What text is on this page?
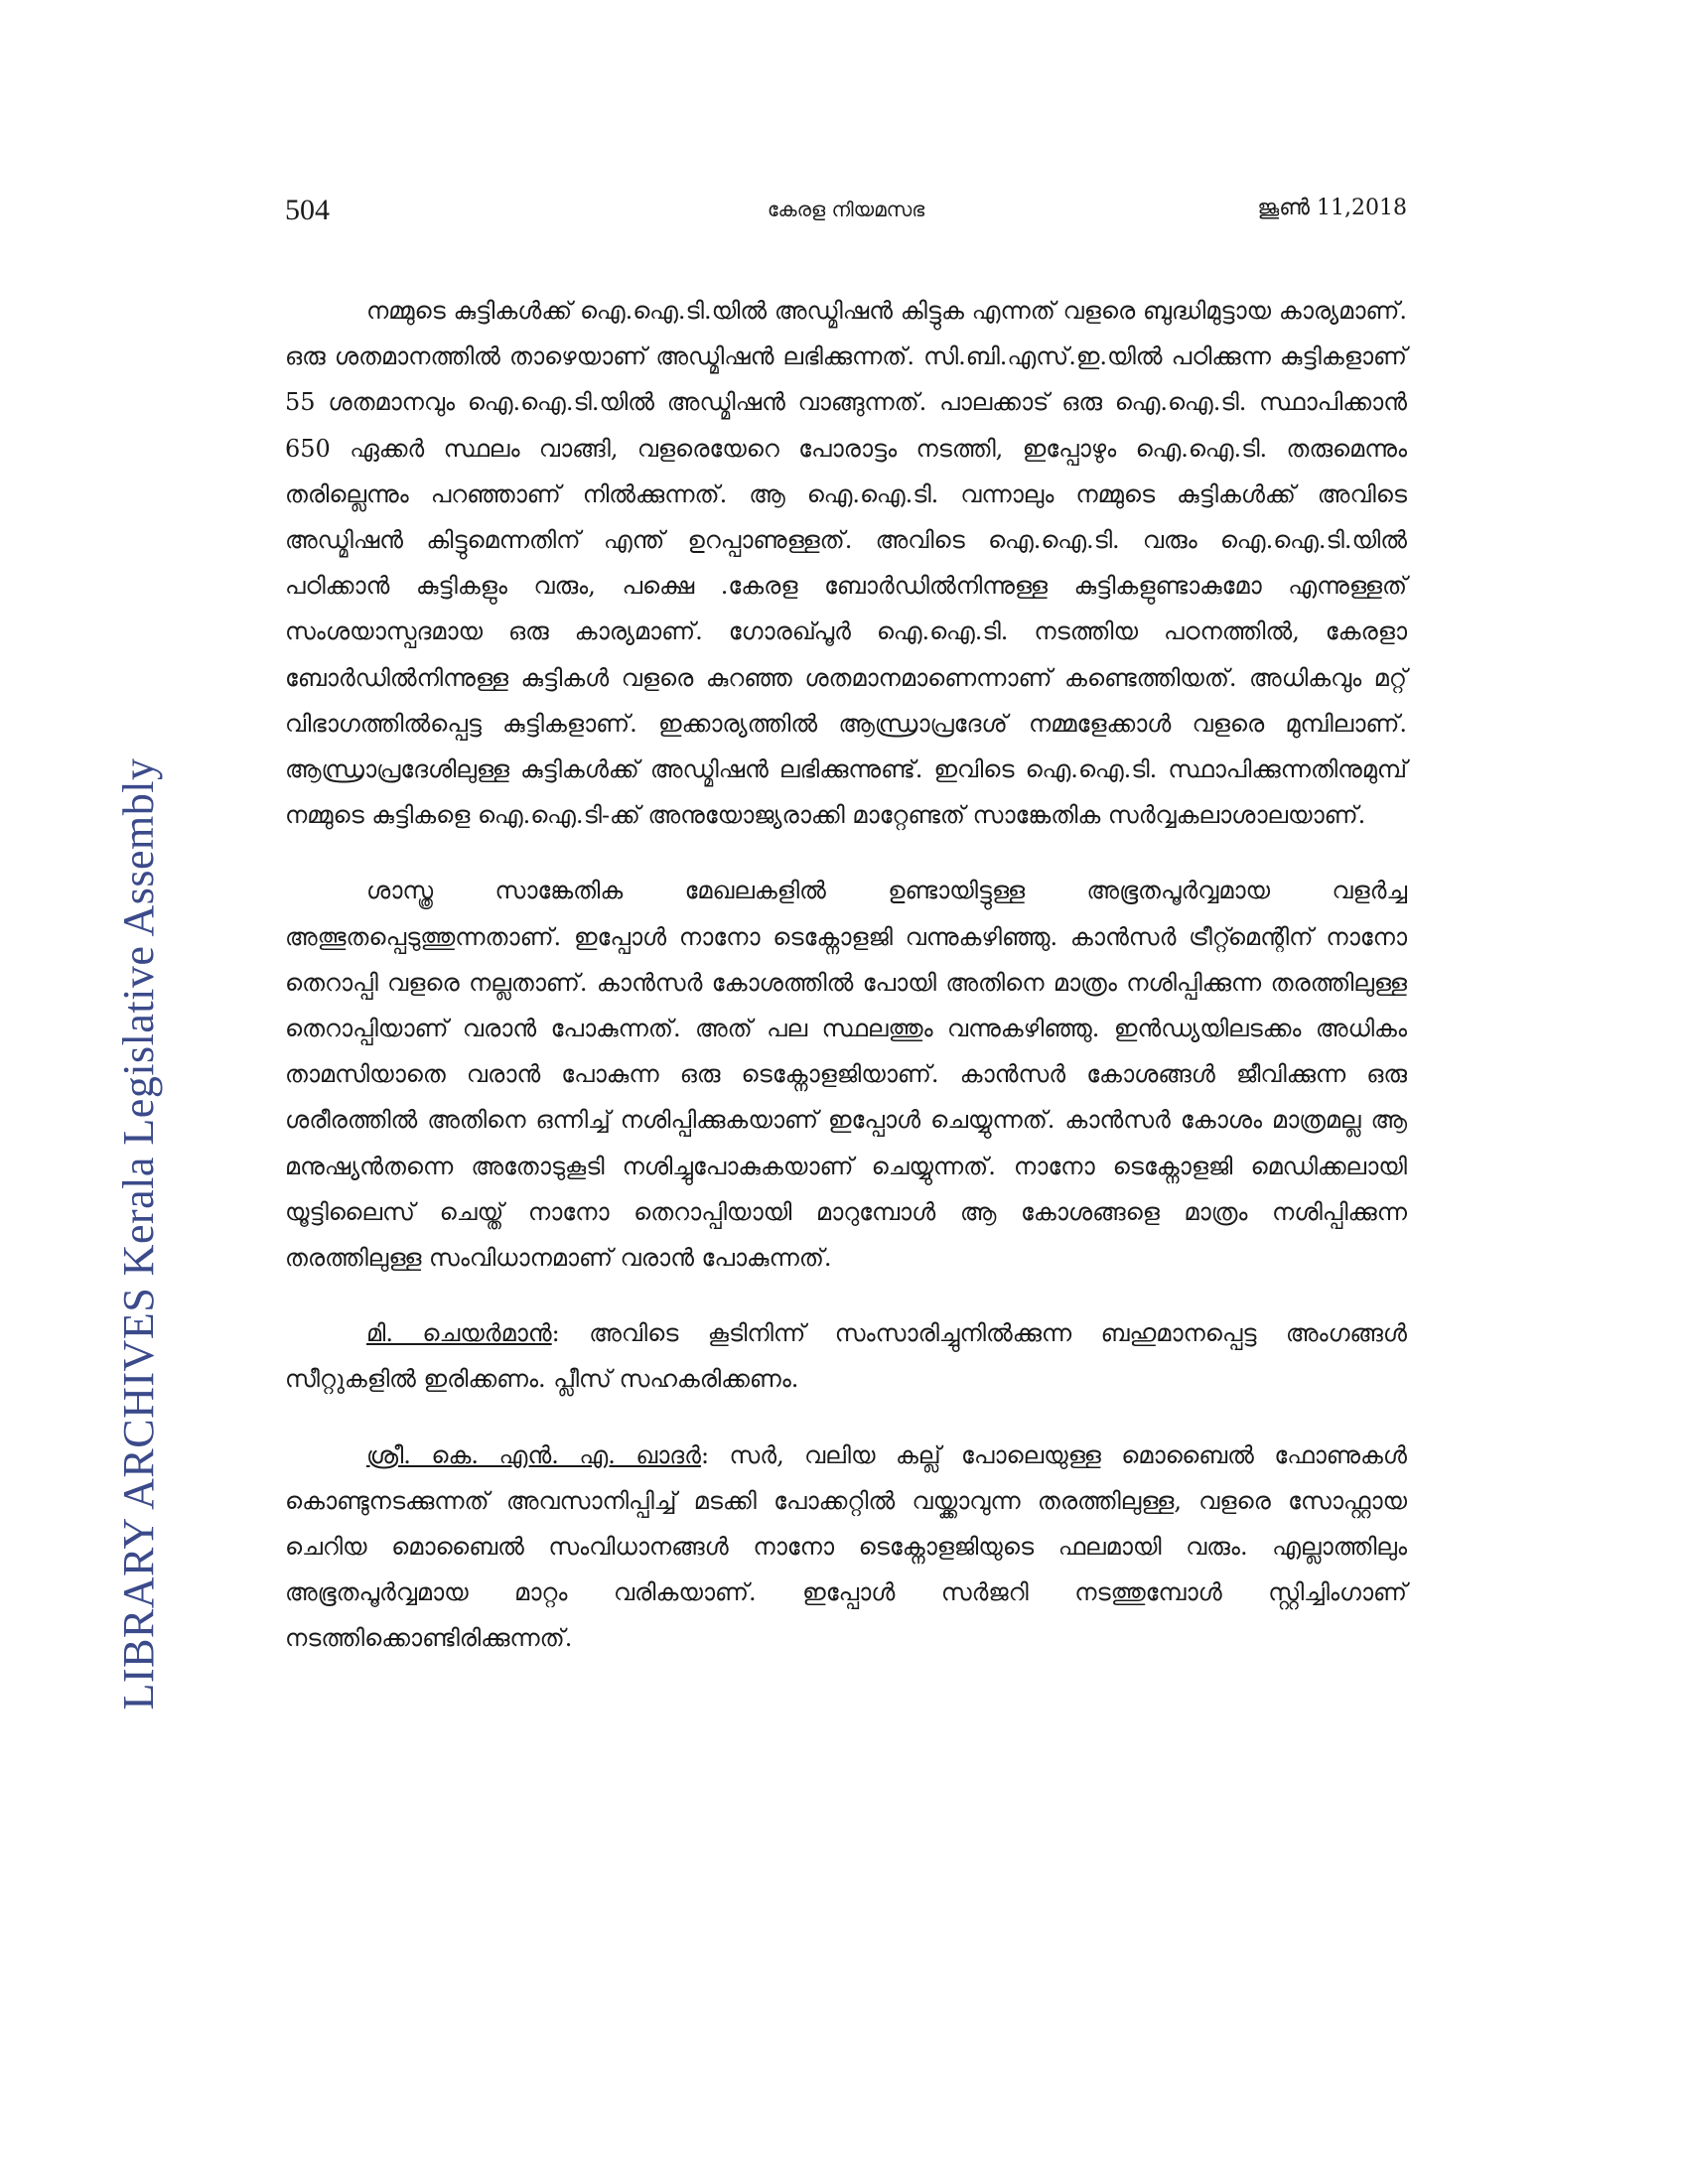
LIBRARY ARCHIVES Kerala Legislative Assembly
504	കേരള നിയമസഭ	ജൂൺ 11,2018

നമ്മുടെ കുട്ടികൾക്ക് ഐ.ഐ.ടി.യിൽ അഡ്മിഷൻ കിട്ടുക എന്നത് വളരെ ബുദ്ധിമുട്ടായ കാര്യമാണ്. ഒരു ശതമാനത്തിൽ താഴെയാണ് അഡ്മിഷൻ ലഭിക്കുന്നത്. സി.ബി.എസ്.ഇ.യിൽ പഠിക്കുന്ന കുട്ടികളാണ് 55 ശതമാനവും ഐ.ഐ.ടി.യിൽ അഡ്മിഷൻ വാങ്ങുന്നത്. പാലക്കാട് ഒരു ഐ.ഐ.ടി. സ്ഥാപിക്കാൻ 650 ഏക്കർ സ്ഥലം വാങ്ങി, വളരെയേറെ പോരാട്ടം നടത്തി, ഇപ്പോഴും ഐ.ഐ.ടി. തരുമെന്നും തരില്ലെന്നും പറഞ്ഞാണ് നിൽക്കുന്നത്. ആ ഐ.ഐ.ടി. വന്നാലും നമ്മുടെ കുട്ടികൾക്ക് അവിടെ അഡ്മിഷൻ കിട്ടുമെന്നതിന് എന്ത് ഉറപ്പാണുള്ളത്. അവിടെ ഐ.ഐ.ടി. വരും ഐ.ഐ.ടി.യിൽ പഠിക്കാൻ കുട്ടികളും വരും, പക്ഷെ .കേരള ബോർഡിൽനിന്നുള്ള കുട്ടികളുണ്ടാകുമോ എന്നുള്ളത് സംശയാസ്പദമായ ഒരു കാര്യമാണ്. ഗോരഖ്പൂർ ഐ.ഐ.ടി. നടത്തിയ പഠനത്തിൽ, കേരളാ ബോർഡിൽനിന്നുള്ള കുട്ടികൾ വളരെ കുറഞ്ഞ ശതമാനമാണെന്നാണ് കണ്ടെത്തിയത്. അധികവും മറ്റ് വിഭാഗത്തിൽപ്പെട്ട കുട്ടികളാണ്. ഇക്കാര്യത്തിൽ ആന്ധ്രാപ്രദേശ് നമ്മളേക്കാൾ വളരെ മുമ്പിലാണ്. ആന്ധ്രാപ്രദേശിലുള്ള കുട്ടികൾക്ക് അഡ്മിഷൻ ലഭിക്കുന്നുണ്ട്. ഇവിടെ ഐ.ഐ.ടി. സ്ഥാപിക്കുന്നതിനുമുമ്പ് നമ്മുടെ കുട്ടികളെ ഐ.ഐ.ടി-ക്ക് അനുയോജ്യരാക്കി മാറ്റേണ്ടത് സാങ്കേതിക സർവ്വകലാശാലയാണ്.

ശാസ്ത്ര സാങ്കേതിക മേഖലകളിൽ ഉണ്ടായിട്ടുള്ള അഭൂതപൂർവ്വമായ വളർച്ച അത്ഭുതപ്പെടുത്തുന്നതാണ്. ഇപ്പോൾ നാനോ ടെക്നോളജി വന്നുകഴിഞ്ഞു. കാൻസർ ട്രീറ്റ്മെന്റിന് നാനോ തെറാപ്പി വളരെ നല്ലതാണ്. കാൻസർ കോശത്തിൽ പോയി അതിനെ മാത്രം നശിപ്പിക്കുന്ന തരത്തിലുള്ള തെറാപ്പിയാണ് വരാൻ പോകുന്നത്. അത് പല സ്ഥലത്തും വന്നുകഴിഞ്ഞു. ഇൻഡ്യയിലടക്കം അധികം താമസിയാതെ വരാൻ പോകുന്ന ഒരു ടെക്നോളജിയാണ്. കാൻസർ കോശങ്ങൾ ജീവിക്കുന്ന ഒരു ശരീരത്തിൽ അതിനെ ഒന്നിച്ച് നശിപ്പിക്കുകയാണ് ഇപ്പോൾ ചെയ്യുന്നത്. കാൻസർ കോശം മാത്രമല്ല ആ മനുഷ്യൻതന്നെ അതോടുകൂടി നശിച്ചുപോകുകയാണ് ചെയ്യുന്നത്. നാനോ ടെക്നോളജി മെഡിക്കലായി യൂട്ടിലൈസ് ചെയ്ത് നാനോ തെറാപ്പിയായി മാറുമ്പോൾ ആ കോശങ്ങളെ മാത്രം നശിപ്പിക്കുന്ന തരത്തിലുള്ള സംവിധാനമാണ് വരാൻ പോകുന്നത്.

മി. ചെയർമാൻ: അവിടെ കൂടിനിന്ന് സംസാരിച്ചുനിൽക്കുന്ന ബഹുമാനപ്പെട്ട അംഗങ്ങൾ സീറ്റുകളിൽ ഇരിക്കണം. പ്ലീസ് സഹകരിക്കണം.

ശ്രീ. കെ. എൻ. എ. ഖാദർ: സർ, വലിയ കല്ല് പോലെയുള്ള മൊബൈൽ ഫോണുകൾ കൊണ്ടുനടക്കുന്നത് അവസാനിപ്പിച്ച് മടക്കി പോക്കറ്റിൽ വയ്ക്കാവുന്ന തരത്തിലുള്ള, വളരെ സോഫ്റ്റായ ചെറിയ മൊബൈൽ സംവിധാനങ്ങൾ നാനോ ടെക്നോളജിയുടെ ഫലമായി വരും. എല്ലാത്തിലും അഭൂതപൂർവ്വമായ മാറ്റം വരികയാണ്. ഇപ്പോൾ സർജറി നടത്തുമ്പോൾ സ്റ്റിച്ചിംഗാണ് നടത്തിക്കൊണ്ടിരിക്കുന്നത്.
